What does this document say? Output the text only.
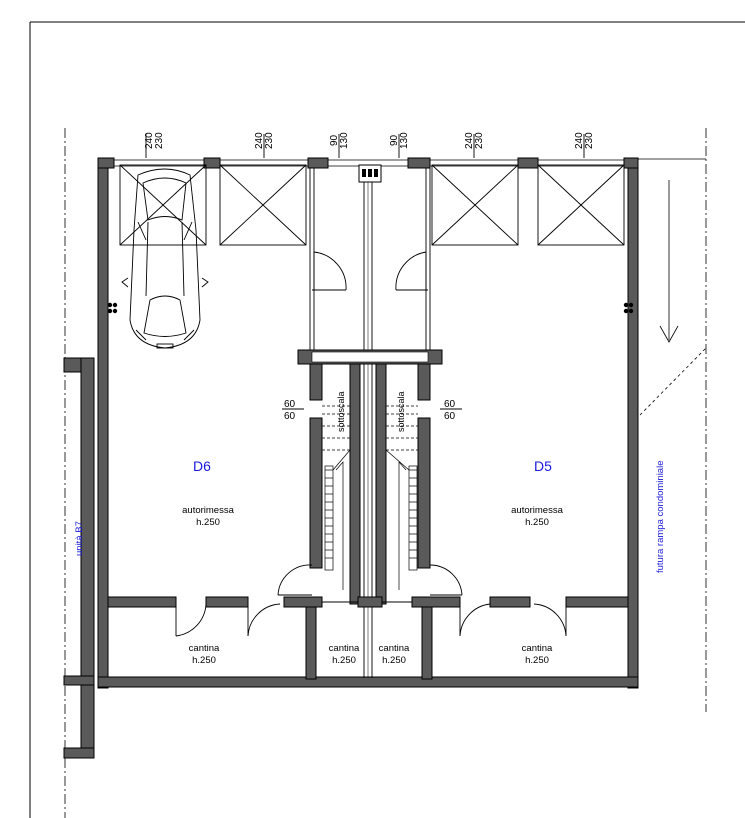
240 230	240 230	90 130	90 130	240 230	240 230
60
60
60
60
sottoscala	sottoscala
D6	D5
autorimessa
h.250
autorimessa
h.250
cantina
h.250
cantina
h.250
cantina
h.250
cantina
h.250
unità B7	futura rampa condominiale
